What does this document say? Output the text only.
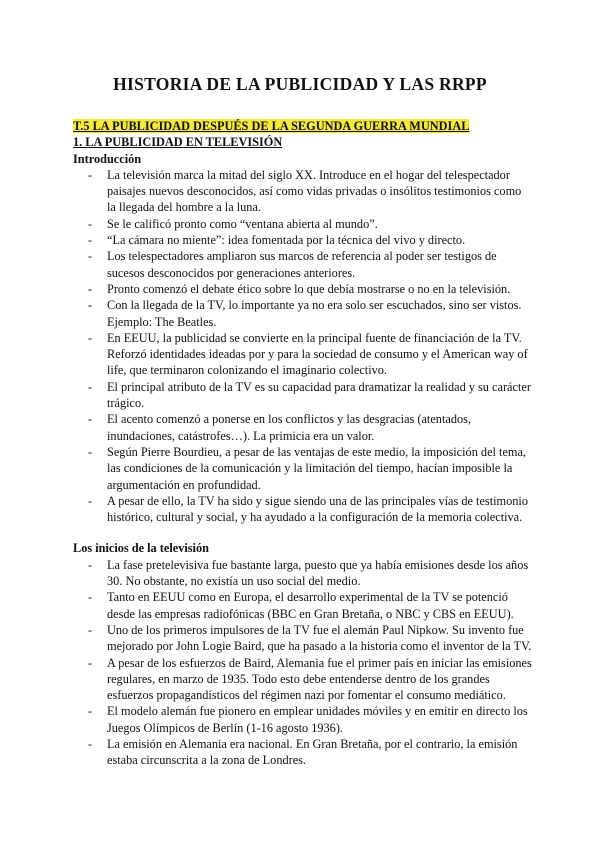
HISTORIA DE LA PUBLICIDAD Y LAS RRPP
T.5 LA PUBLICIDAD DESPUÉS DE LA SEGUNDA GUERRA MUNDIAL
1. LA PUBLICIDAD EN TELEVISIÓN
Introducción
- La televisión marca la mitad del siglo XX. Introduce en el hogar del telespectador paisajes nuevos desconocidos, así como vidas privadas o insólitos testimonios como la llegada del hombre a la luna.
- Se le calificó pronto como “ventana abierta al mundo”.
- “La cámara no miente”: idea fomentada por la técnica del vivo y directo.
- Los telespectadores ampliaron sus marcos de referencia al poder ser testigos de sucesos desconocidos por generaciones anteriores.
- Pronto comenzó el debate ético sobre lo que debía mostrarse o no en la televisión.
- Con la llegada de la TV, lo importante ya no era solo ser escuchados, sino ser vistos. Ejemplo: The Beatles.
- En EEUU, la publicidad se convierte en la principal fuente de financiación de la TV. Reforzó identidades ideadas por y para la sociedad de consumo y el American way of life, que terminaron colonizando el imaginario colectivo.
- El principal atributo de la TV es su capacidad para dramatizar la realidad y su carácter trágico.
- El acento comenzó a ponerse en los conflictos y las desgracias (atentados, inundaciones, catástrofes…). La primicia era un valor.
- Según Pierre Bourdieu, a pesar de las ventajas de este medio, la imposición del tema, las condiciones de la comunicación y la limitación del tiempo, hacían imposible la argumentación en profundidad.
- A pesar de ello, la TV ha sido y sigue siendo una de las principales vías de testimonio histórico, cultural y social, y ha ayudado a la configuración de la memoria colectiva.
Los inicios de la televisión
- La fase pretelevisiva fue bastante larga, puesto que ya había emisiones desde los años 30. No obstante, no existía un uso social del medio.
- Tanto en EEUU como en Europa, el desarrollo experimental de la TV se potenció desde las empresas radiofónicas (BBC en Gran Bretaña, o NBC y CBS en EEUU).
- Uno de los primeros impulsores de la TV fue el alemán Paul Nipkow. Su invento fue mejorado por John Logie Baird, que ha pasado a la historia como el inventor de la TV.
- A pesar de los esfuerzos de Baird, Alemania fue el primer país en iniciar las emisiones regulares, en marzo de 1935. Todo esto debe entenderse dentro de los grandes esfuerzos propagandísticos del régimen nazi por fomentar el consumo mediático.
- El modelo alemán fue pionero en emplear unidades móviles y en emitir en directo los Juegos Olímpicos de Berlín (1-16 agosto 1936).
- La emisión en Alemania era nacional. En Gran Bretaña, por el contrario, la emisión estaba circunscrita a la zona de Londres.
